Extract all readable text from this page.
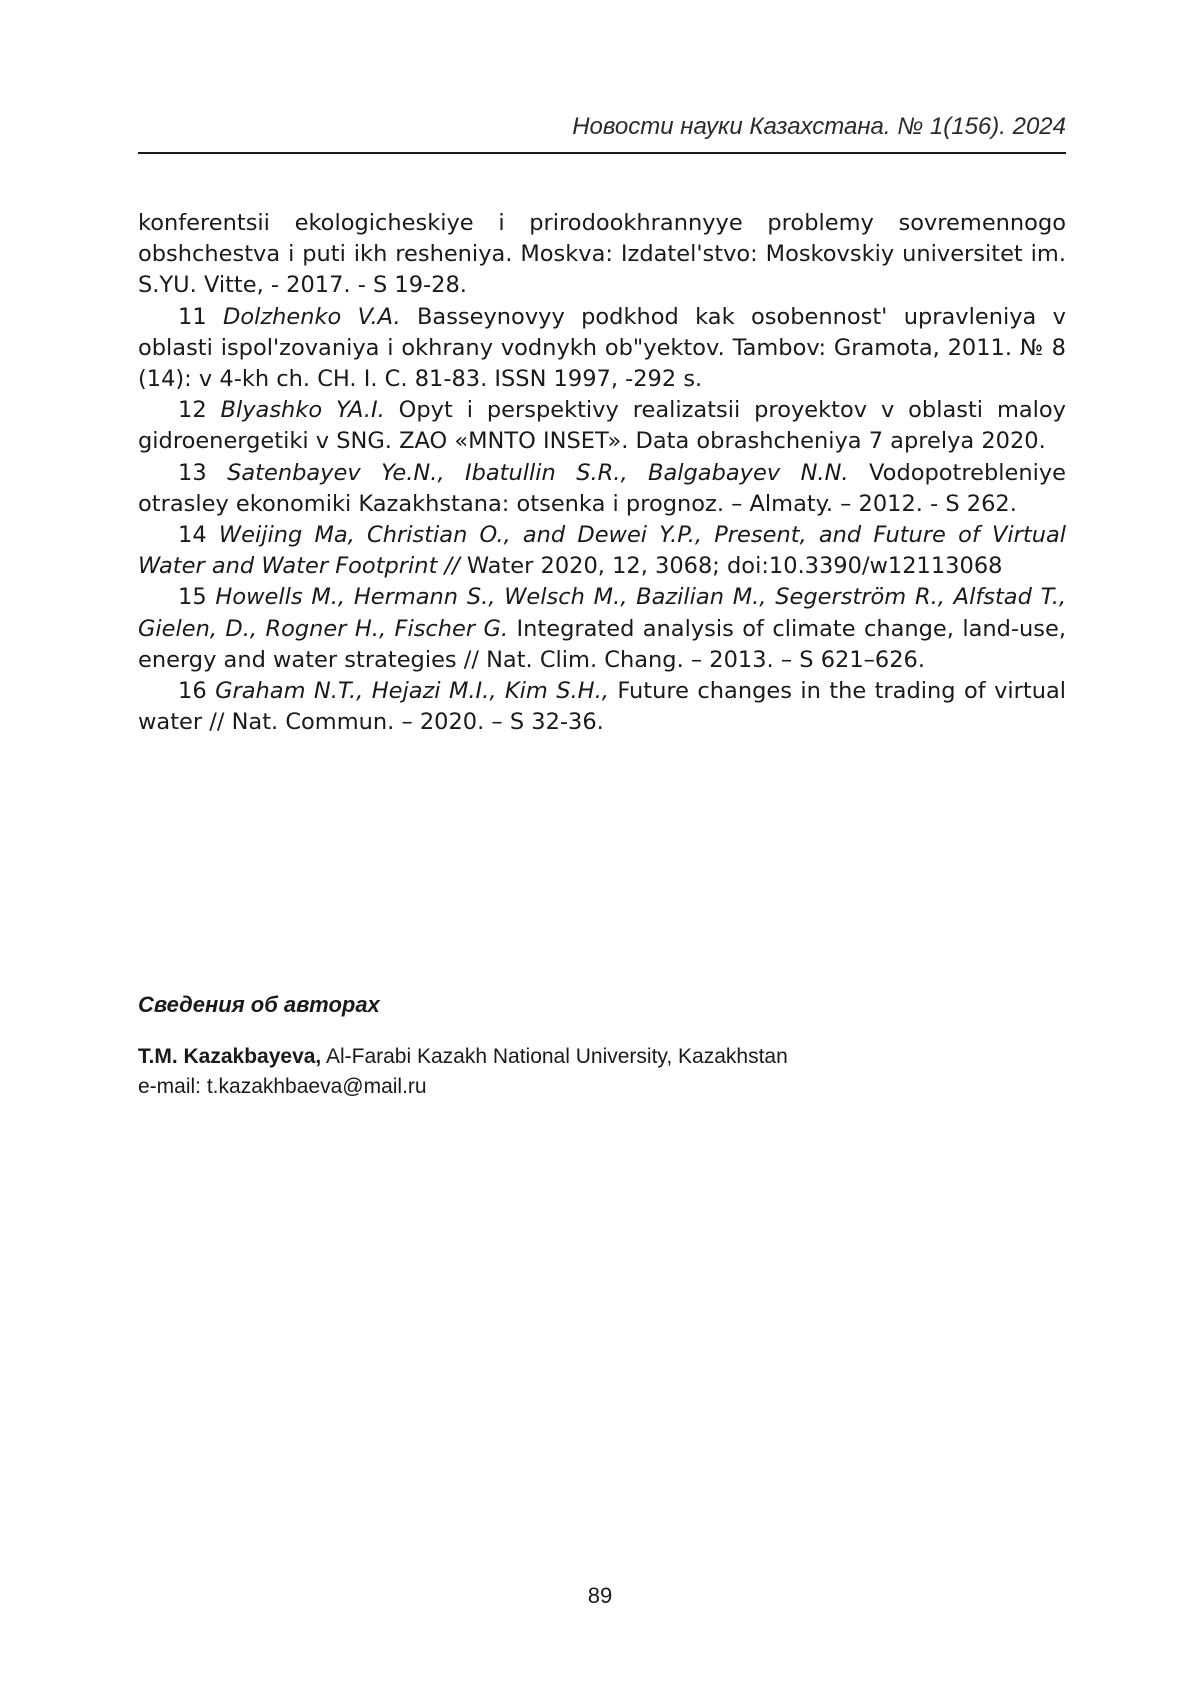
Новости науки Казахстана. № 1(156). 2024

konferentsii ekologicheskiye i prirodookhrannyye problemy sovremennogo obshchestva i puti ikh resheniya. Moskva: Izdatel'stvo: Moskovskiy universitet im. S.YU. Vitte, - 2017. - S 19-28.

11 Dolzhenko V.A. Basseynovyy podkhod kak osobennost' upravleniya v oblasti ispol'zovaniya i okhrany vodnykh ob"yektov. Tambov: Gramota, 2011. № 8 (14): v 4-kh ch. CH. I. C. 81-83. ISSN 1997, -292 s.

12 Blyashko YA.I. Opyt i perspektivy realizatsii proyektov v oblasti maloy gidroenergetiki v SNG. ZAO «MNTO INSET». Data obrashcheniya 7 aprelya 2020.

13 Satenbayev Ye.N., Ibatullin S.R., Balgabayev N.N. Vodopotrebleniye otrasley ekonomiki Kazakhstana: otsenka i prognoz. – Almaty. – 2012. - S 262.

14 Weijing Ma, Christian O., and Dewei Y.P., Present, and Future of Virtual Water and Water Footprint // Water 2020, 12, 3068; doi:10.3390/w12113068

15 Howells M., Hermann S., Welsch M., Bazilian M., Segerström R., Alfstad T., Gielen, D., Rogner H., Fischer G. Integrated analysis of climate change, land-use, energy and water strategies // Nat. Clim. Chang. – 2013. – S 621–626.

16 Graham N.T., Hejazi M.I., Kim S.H., Future changes in the trading of virtual water // Nat. Commun. – 2020. – S 32-36.

Сведения об авторах

T.M. Kazakbayeva, Al-Farabi Kazakh National University, Kazakhstan

e-mail: t.kazakhbaeva@mail.ru

89
